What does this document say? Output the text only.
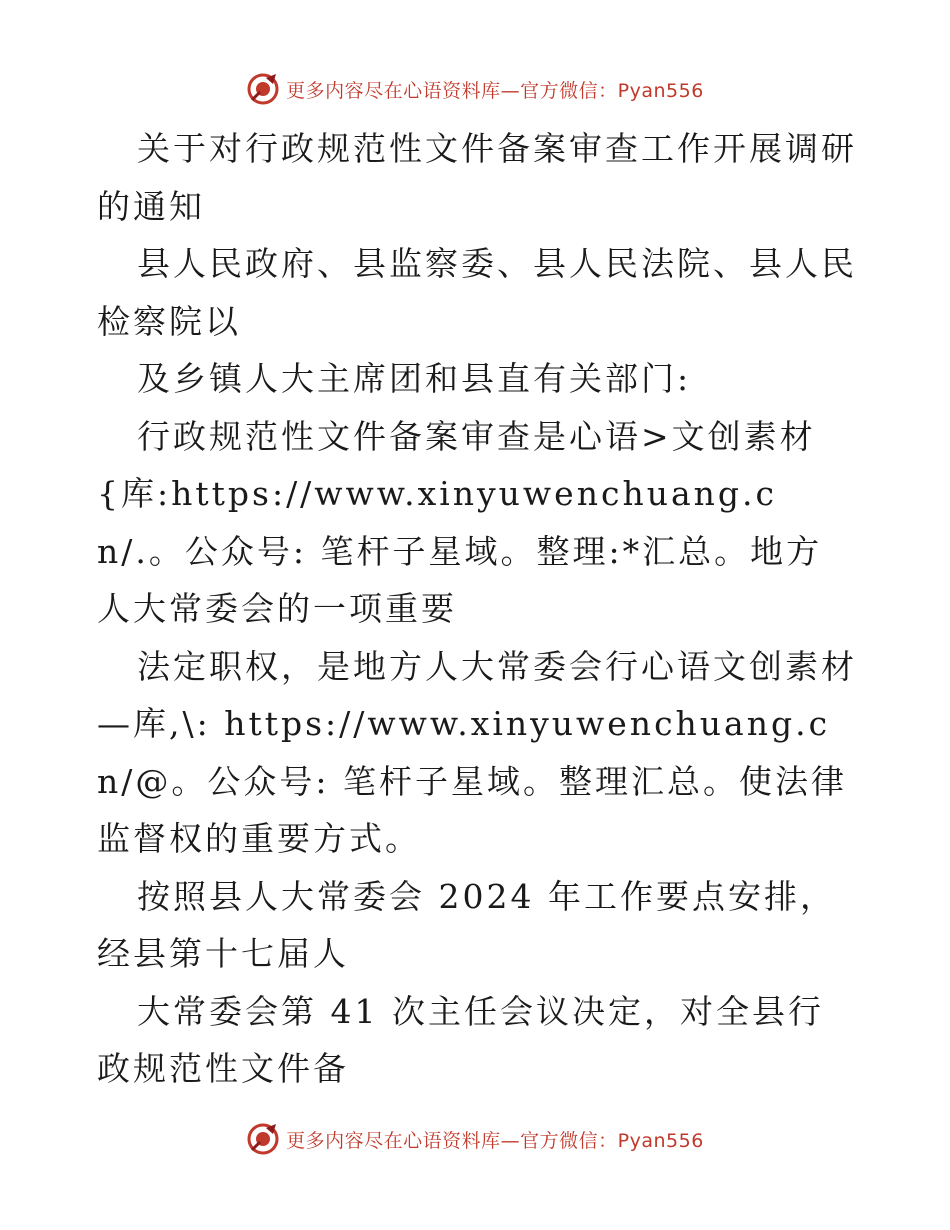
更多内容尽在心语资料库—官方微信：Pyan556

关于对行政规范性文件备案审查工作开展调研的通知

县人民政府、县监察委、县人民法院、县人民检察院以

及乡镇人大主席团和县直有关部门:

行政规范性文件备案审查是心语>文创素材{库:https://www.xinyuwenchuang.cn/.。公众号: 笔杆子星域。整理:*汇总。地方人大常委会的一项重要

法定职权，是地方人大常委会行心语文创素材—库,\: https://www.xinyuwenchuang.cn/@。公众号: 笔杆子星域。整理汇总。使法律监督权的重要方式。

按照县人大常委会 2024 年工作要点安排，经县第十七届人

大常委会第 41 次主任会议决定，对全县行政规范性文件备

更多内容尽在心语资料库—官方微信：Pyan556
